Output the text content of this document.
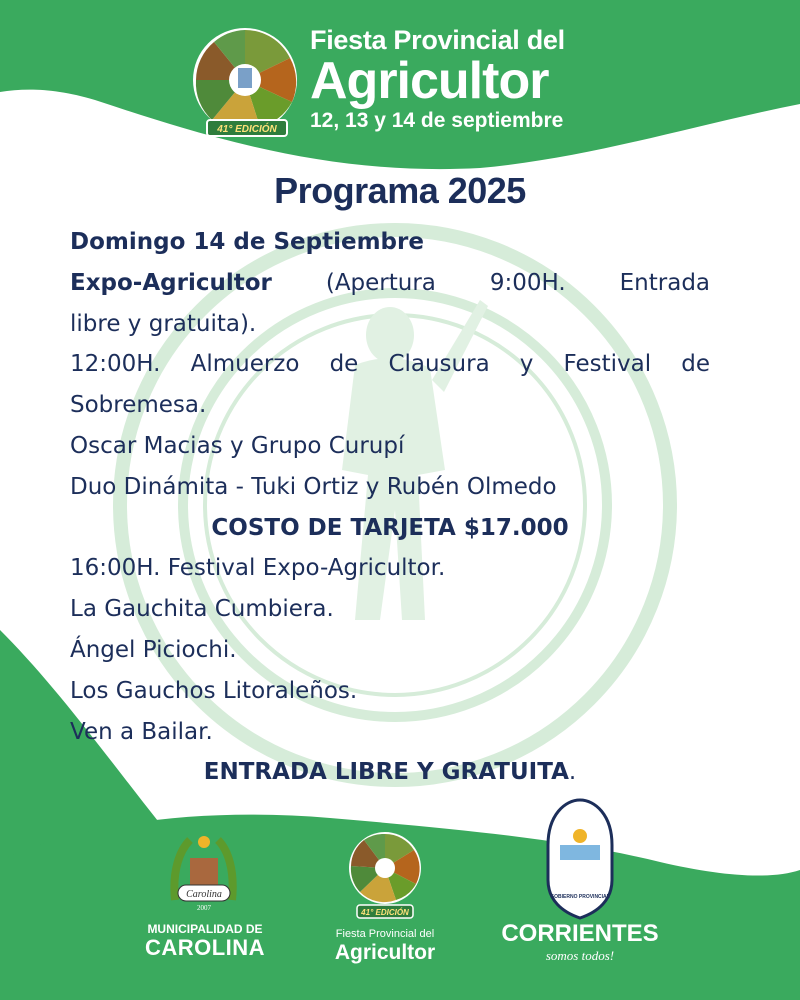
41° EDICIÓN
Carolina
2007	41° EDICIÓN
GOBIERNO PROVINCIAL
Fiesta Provincial del
Agricultor
12, 13 y 14 de septiembre
Programa 2025
Domingo 14 de Septiembre
Expo-Agricultor (Apertura 9:00H. Entrada
libre y gratuita).
12:00H. Almuerzo de Clausura y Festival de
Sobremesa.
Oscar Macias y Grupo Curupí
Duo Dinámita - Tuki Ortiz y Rubén Olmedo
COSTO DE TARJETA $17.000
16:00H. Festival Expo-Agricultor.
La Gauchita Cumbiera.
Ángel Piciochi.
Los Gauchos Litoraleños.
Ven a Bailar.
ENTRADA LIBRE Y GRATUITA.
MUNICIPALIDAD DE
CAROLINA
Fiesta Provincial del
Agricultor
CORRIENTES
somos todos!
